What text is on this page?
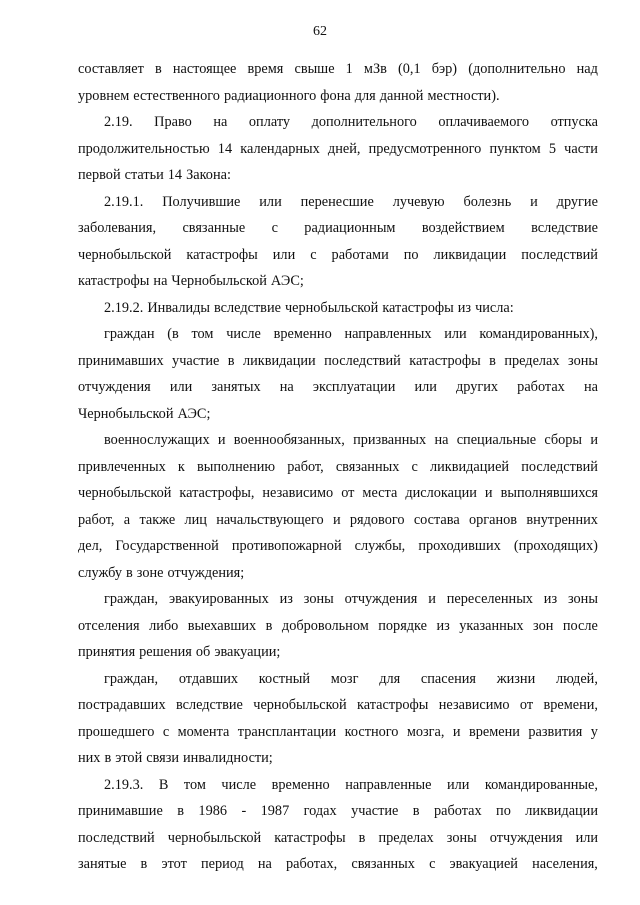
62
составляет в настоящее время свыше 1 мЗв (0,1 бэр) (дополнительно над
уровнем естественного радиационного фона для данной местности).
2.19. Право на оплату дополнительного оплачиваемого отпуска
продолжительностью 14 календарных дней, предусмотренного пунктом 5 части
первой статьи 14 Закона:
2.19.1. Получившие или перенесшие лучевую болезнь и другие
заболевания, связанные с радиационным воздействием вследствие
чернобыльской катастрофы или с работами по ликвидации последствий
катастрофы на Чернобыльской АЭС;
2.19.2. Инвалиды вследствие чернобыльской катастрофы из числа:
граждан (в том числе временно направленных или командированных),
принимавших участие в ликвидации последствий катастрофы в пределах зоны
отчуждения или занятых на эксплуатации или других работах на
Чернобыльской АЭС;
военнослужащих и военнообязанных, призванных на специальные сборы и
привлеченных к выполнению работ, связанных с ликвидацией последствий
чернобыльской катастрофы, независимо от места дислокации и выполнявшихся
работ, а также лиц начальствующего и рядового состава органов внутренних
дел, Государственной противопожарной службы, проходивших (проходящих)
службу в зоне отчуждения;
граждан, эвакуированных из зоны отчуждения и переселенных из зоны
отселения либо выехавших в добровольном порядке из указанных зон после
принятия решения об эвакуации;
граждан, отдавших костный мозг для спасения жизни людей,
пострадавших вследствие чернобыльской катастрофы независимо от времени,
прошедшего с момента трансплантации костного мозга, и времени развития у
них в этой связи инвалидности;
2.19.3. В том числе временно направленные или командированные,
принимавшие в 1986 - 1987 годах участие в работах по ликвидации
последствий чернобыльской катастрофы в пределах зоны отчуждения или
занятые в этот период на работах, связанных с эвакуацией населения,
